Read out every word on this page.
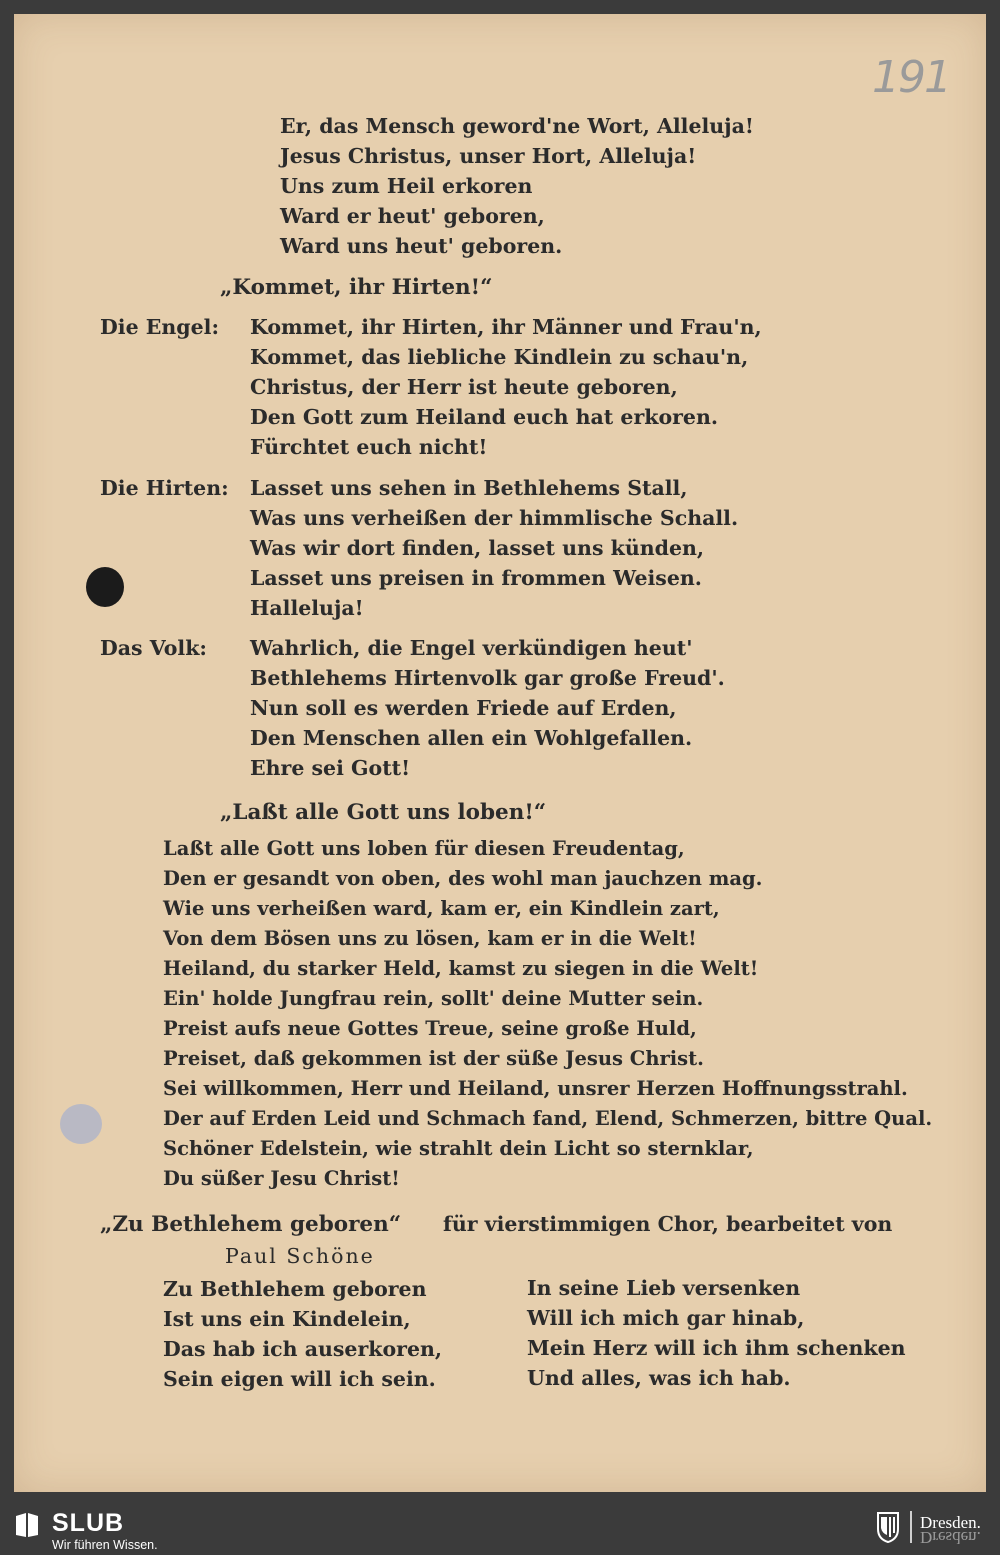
191
Er, das Mensch geword'ne Wort, Alleluja!
Jesus Christus, unser Hort, Alleluja!
Uns zum Heil erkoren
Ward er heut' geboren,
Ward uns heut' geboren.
„Kommet, ihr Hirten!“
Die Engel: Kommet, ihr Hirten, ihr Männer und Frau'n,
Kommet, das liebliche Kindlein zu schau'n,
Christus, der Herr ist heute geboren,
Den Gott zum Heiland euch hat erkoren.
Fürchtet euch nicht!
Die Hirten: Lasset uns sehen in Bethlehems Stall,
Was uns verheißen der himmlische Schall.
Was wir dort finden, lasset uns künden,
Lasset uns preisen in frommen Weisen.
Halleluja!
Das Volk: Wahrlich, die Engel verkündigen heut'
Bethlehems Hirtenvolk gar große Freud'.
Nun soll es werden Friede auf Erden,
Den Menschen allen ein Wohlgefallen.
Ehre sei Gott!
„Laßt alle Gott uns loben!“
Laßt alle Gott uns loben für diesen Freudentag,
Den er gesandt von oben, des wohl man jauchzen mag.
Wie uns verheißen ward, kam er, ein Kindlein zart,
Von dem Bösen uns zu lösen, kam er in die Welt!
Heiland, du starker Held, kamst zu siegen in die Welt!
Ein' holde Jungfrau rein, sollt' deine Mutter sein.
Preist aufs neue Gottes Treue, seine große Huld,
Preiset, daß gekommen ist der süße Jesus Christ.
Sei willkommen, Herr und Heiland, unsrer Herzen Hoffnungsstrahl.
Der auf Erden Leid und Schmach fand, Elend, Schmerzen, bittre Qual.
Schöner Edelstein, wie strahlt dein Licht so sternklar,
Du süßer Jesu Christ!
„Zu Bethlehem geboren“ für vierstimmigen Chor, bearbeitet von
Paul Schöne
Zu Bethlehem geboren
Ist uns ein Kindelein,
Das hab ich auserkoren,
Sein eigen will ich sein.
In seine Lieb versenken
Will ich mich gar hinab,
Mein Herz will ich ihm schenken
Und alles, was ich hab.
SLUB
Wir führen Wissen.
Dresden.
Dresden.
